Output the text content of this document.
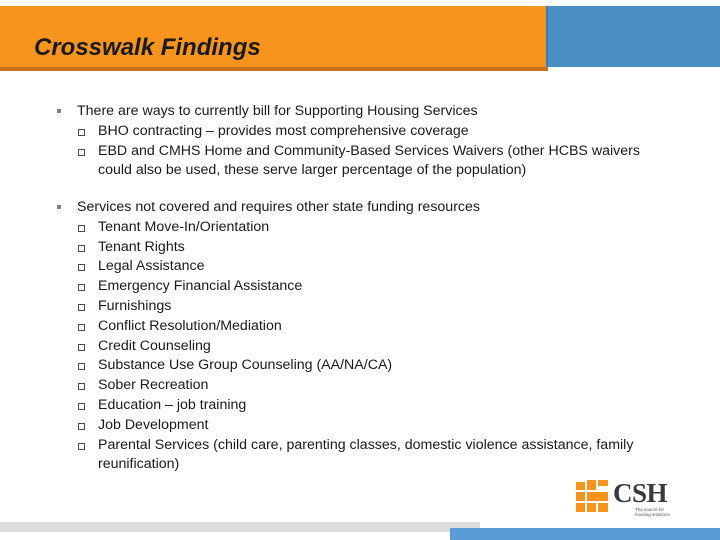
Crosswalk Findings
There are ways to currently bill for Supporting Housing Services
BHO contracting – provides most comprehensive coverage
EBD and CMHS Home and Community-Based Services Waivers (other HCBS waivers could also be used, these serve larger percentage of the population)
Services not covered and requires other state funding resources
Tenant Move-In/Orientation
Tenant Rights
Legal Assistance
Emergency Financial Assistance
Furnishings
Conflict Resolution/Mediation
Credit Counseling
Substance Use Group Counseling (AA/NA/CA)
Sober Recreation
Education – job training
Job Development
Parental Services (child care, parenting classes, domestic violence assistance, family reunification)
CSH
The source for housing solutions
